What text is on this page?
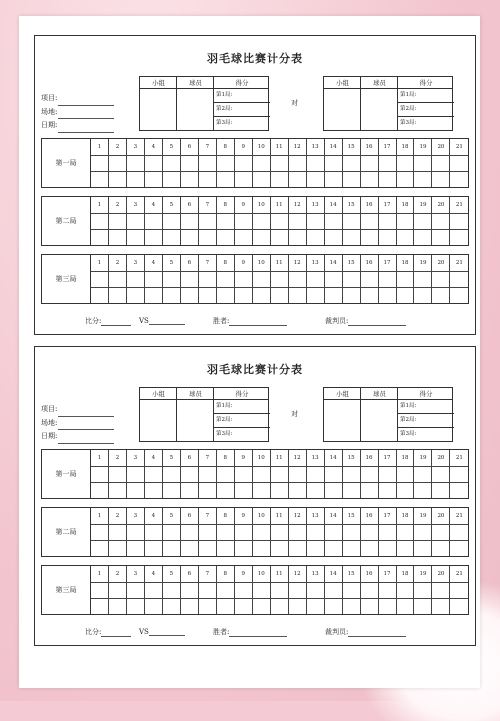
羽毛球比赛计分表
项目:
场地:
日期:
小组	球员	得分
第1局:
第2局:
第3局:
小组	球员	得分
第1局:
第2局:
第3局:
对
第一局
1	2	3	4	5	6	7	8	9	10	11	12	13	14	15	16	17	18	19	20	21
第二局
1	2	3	4	5	6	7	8	9	10	11	12	13	14	15	16	17	18	19	20	21
第三局
1	2	3	4	5	6	7	8	9	10	11	12	13	14	15	16	17	18	19	20	21
比分:	VS	胜者:	裁判员:
羽毛球比赛计分表
项目:
场地:
日期:
小组	球员	得分
第1局:
第2局:
第3局:
小组	球员	得分
第1局:
第2局:
第3局:
对
第一局
1	2	3	4	5	6	7	8	9	10	11	12	13	14	15	16	17	18	19	20	21
第二局
1	2	3	4	5	6	7	8	9	10	11	12	13	14	15	16	17	18	19	20	21
第三局
1	2	3	4	5	6	7	8	9	10	11	12	13	14	15	16	17	18	19	20	21
比分:	VS	胜者:	裁判员:
